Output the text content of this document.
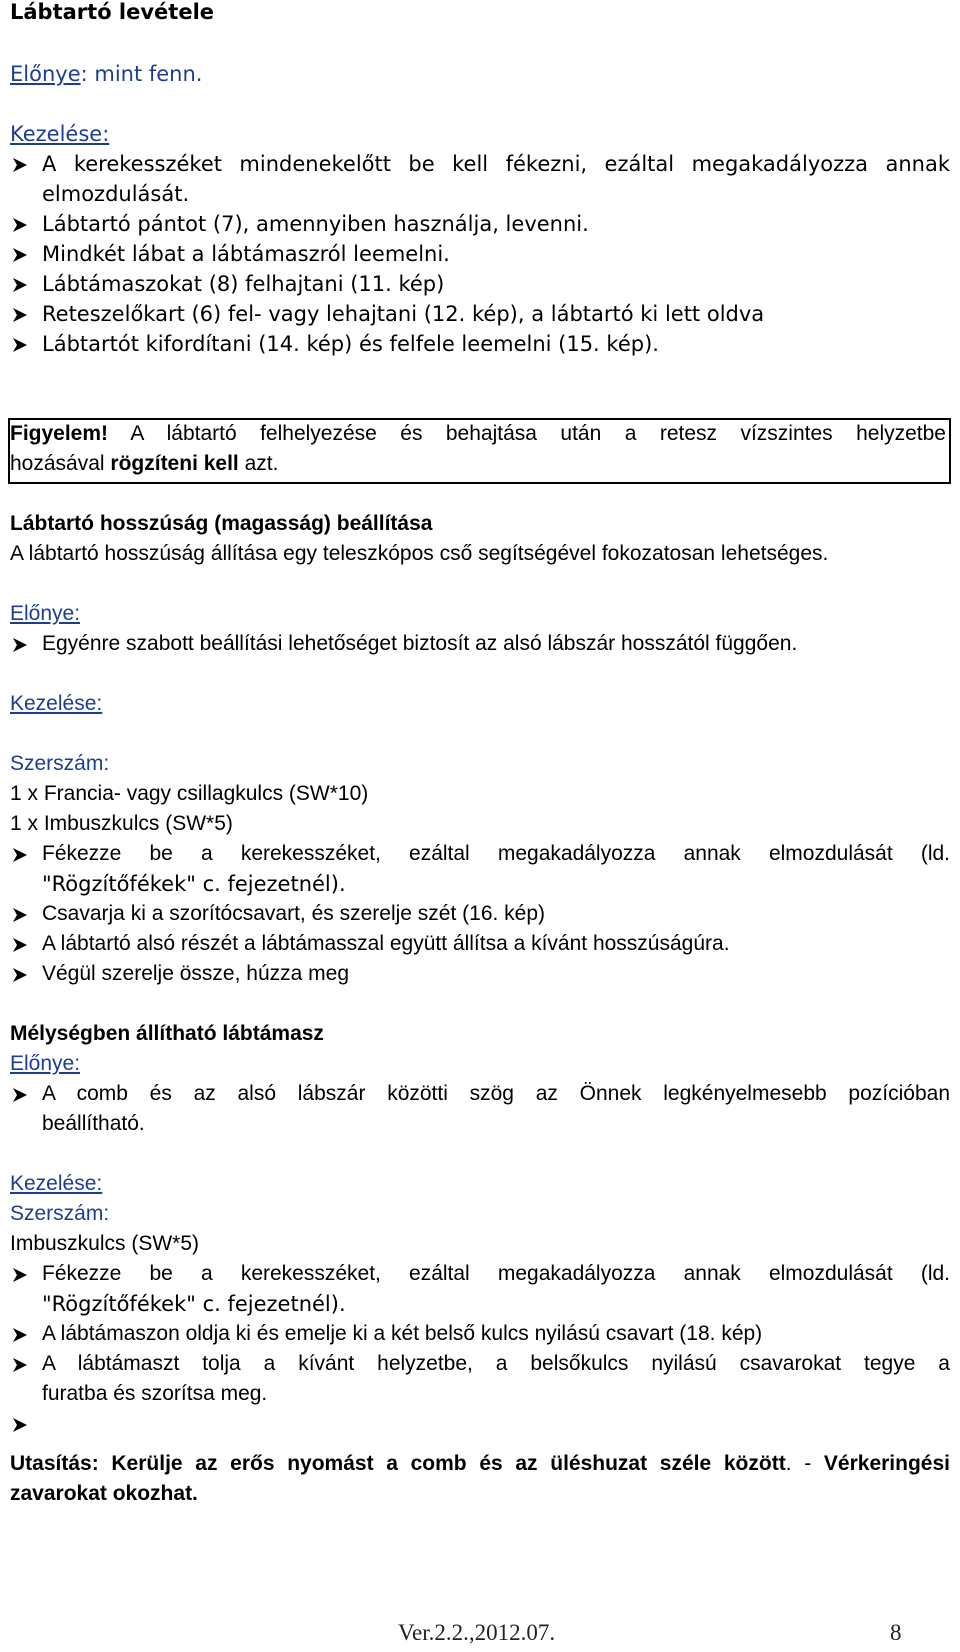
Lábtartó levétele
Előnye: mint fenn.
Kezelése:
A kerekesszéket mindenekelőtt be kell fékezni, ezáltal megakadályozza annak
elmozdulását.
Lábtartó pántot (7), amennyiben használja, levenni.
Mindkét lábat a lábtámaszról leemelni.
Lábtámaszokat (8) felhajtani (11. kép)
Reteszelőkart (6) fel- vagy lehajtani (12. kép), a lábtartó ki lett oldva
Lábtartót kifordítani (14. kép) és felfele leemelni (15. kép).
Figyelem! A lábtartó felhelyezése és behajtása után a retesz vízszintes helyzetbe
hozásával rögzíteni kell azt.
Lábtartó hosszúság (magasság) beállítása
A lábtartó hosszúság állítása egy teleszkópos cső segítségével fokozatosan lehetséges.
Előnye:
Egyénre szabott beállítási lehetőséget biztosít az alsó lábszár hosszától függően.
Kezelése:
Szerszám:
1 x Francia- vagy csillagkulcs (SW*10)
1 x Imbuszkulcs (SW*5)
Fékezze be a kerekesszéket, ezáltal megakadályozza annak elmozdulását (ld.
"Rögzítőfékek" c. fejezetnél).
Csavarja ki a szorítócsavart, és szerelje szét (16. kép)
A lábtartó alsó részét a lábtámasszal együtt állítsa a kívánt hosszúságúra.
Végül szerelje össze, húzza meg
Mélységben állítható lábtámasz
Előnye:
A comb és az alsó lábszár közötti szög az Önnek legkényelmesebb pozícióban
beállítható.
Kezelése:
Szerszám:
Imbuszkulcs (SW*5)
Fékezze be a kerekesszéket, ezáltal megakadályozza annak elmozdulását (ld.
"Rögzítőfékek" c. fejezetnél).
A lábtámaszon oldja ki és emelje ki a két belső kulcs nyilású csavart (18. kép)
A lábtámaszt tolja a kívánt helyzetbe, a belsőkulcs nyilású csavarokat tegye a
furatba és szorítsa meg.
Utasítás: Kerülje az erős nyomást a comb és az üléshuzat széle között. - Vérkeringési
zavarokat okozhat.
Ver.2.2.,2012.07.	8
